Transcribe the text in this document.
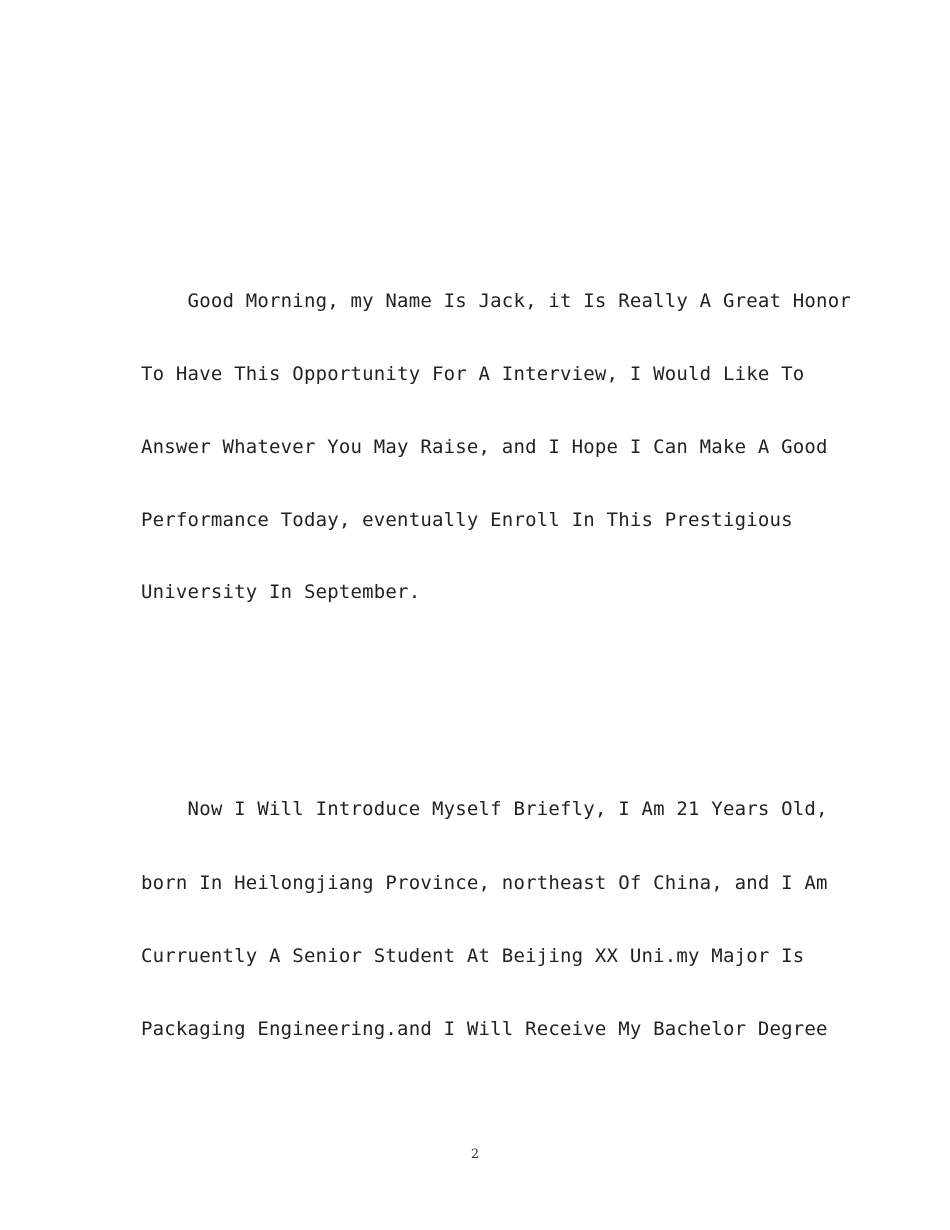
Good Morning, my Name Is Jack, it Is Really A Great Honor
To Have This Opportunity For A Interview, I Would Like To
Answer Whatever You May Raise, and I Hope I Can Make A Good
Performance Today, eventually Enroll In This Prestigious
University In September.
Now I Will Introduce Myself Briefly, I Am 21 Years Old,
born In Heilongjiang Province, northeast Of China, and I Am
Curruently A Senior Student At Beijing XX Uni.my Major Is
Packaging Engineering.and I Will Receive My Bachelor Degree
2
